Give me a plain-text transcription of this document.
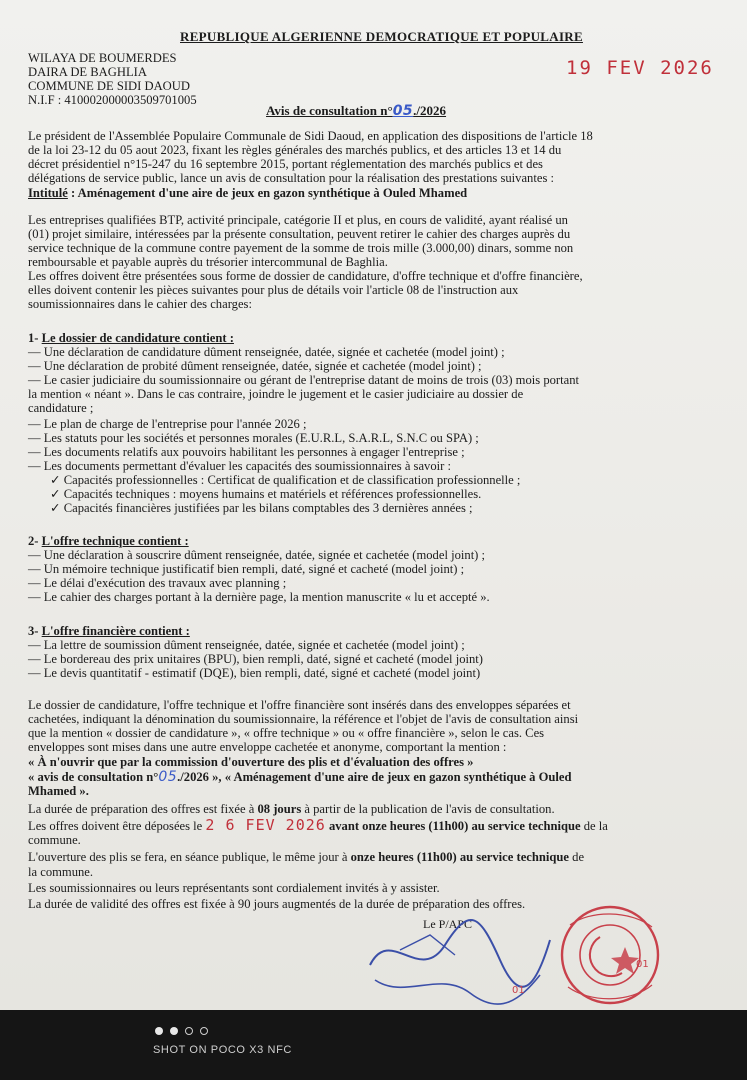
REPUBLIQUE ALGERIENNE DEMOCRATIQUE ET POPULAIRE
WILAYA DE BOUMERDES
DAIRA DE BAGHLIA
COMMUNE DE SIDI DAOUD
N.I.F : 410002000003509701005
19 FEV 2026
Avis de consultation n°05./2026
Le président de l'Assemblée Populaire Communale de Sidi Daoud, en application des dispositions de l'article 18
de la loi 23-12 du 05 aout 2023, fixant les règles générales des marchés publics, et des articles 13 et 14 du
décret présidentiel n°15-247 du 16 septembre 2015, portant réglementation des marchés publics et des
délégations de service public, lance un avis de consultation pour la réalisation des prestations suivantes :
Intitulé : Aménagement d'une aire de jeux en gazon synthétique à Ouled Mhamed
Les entreprises qualifiées BTP, activité principale, catégorie II et plus, en cours de validité, ayant réalisé un
(01) projet similaire, intéressées par la présente consultation, peuvent retirer le cahier des charges auprès du
service technique de la commune contre payement de la somme de trois mille (3.000,00) dinars, somme non
remboursable et payable auprès du trésorier intercommunal de Baghlia.
Les offres doivent être présentées sous forme de dossier de candidature, d'offre technique et d'offre financière,
elles doivent contenir les pièces suivantes pour plus de détails voir l'article 08 de l'instruction aux
soumissionnaires dans le cahier des charges:
1- Le dossier de candidature contient :
— Une déclaration de candidature dûment renseignée, datée, signée et cachetée (model joint) ;
— Une déclaration de probité dûment renseignée, datée, signée et cachetée (model joint) ;
— Le casier judiciaire du soumissionnaire ou gérant de l'entreprise datant de moins de trois (03) mois portant
la mention « néant ». Dans le cas contraire, joindre le jugement et le casier judiciaire au dossier de
candidature ;
— Le plan de charge de l'entreprise pour l'année 2026 ;
— Les statuts pour les sociétés et personnes morales (E.U.R.L, S.A.R.L, S.N.C ou SPA) ;
— Les documents relatifs aux pouvoirs habilitant les personnes à engager l'entreprise ;
— Les documents permettant d'évaluer les capacités des soumissionnaires à savoir :
✓ Capacités professionnelles : Certificat de qualification et de classification professionnelle ;
✓ Capacités techniques : moyens humains et matériels et références professionnelles.
✓ Capacités financières justifiées par les bilans comptables des 3 dernières années ;
2- L'offre technique contient :
— Une déclaration à souscrire dûment renseignée, datée, signée et cachetée (model joint) ;
— Un mémoire technique justificatif bien rempli, daté, signé et cacheté (model joint) ;
— Le délai d'exécution des travaux avec planning ;
— Le cahier des charges portant à la dernière page, la mention manuscrite « lu et accepté ».
3- L'offre financière contient :
— La lettre de soumission dûment renseignée, datée, signée et cachetée (model joint) ;
— Le bordereau des prix unitaires (BPU), bien rempli, daté, signé et cacheté (model joint)
— Le devis quantitatif - estimatif (DQE), bien rempli, daté, signé et cacheté (model joint)
Le dossier de candidature, l'offre technique et l'offre financière sont insérés dans des enveloppes séparées et
cachetées, indiquant la dénomination du soumissionnaire, la référence et l'objet de l'avis de consultation ainsi
que la mention « dossier de candidature », « offre technique » ou « offre financière », selon le cas. Ces
enveloppes sont mises dans une autre enveloppe cachetée et anonyme, comportant la mention :
« À n'ouvrir que par la commission d'ouverture des plis et d'évaluation des offres »
« avis de consultation n°05./2026 », « Aménagement d'une aire de jeux en gazon synthétique à Ouled
Mhamed ».
La durée de préparation des offres est fixée à 08 jours à partir de la publication de l'avis de consultation.
Les offres doivent être déposées le 2 6 FEV 2026 avant onze heures (11h00) au service technique de la
commune.
L'ouverture des plis se fera, en séance publique, le même jour à onze heures (11h00) au service technique de
la commune.
Les soumissionnaires ou leurs représentants sont cordialement invités à y assister.
La durée de validité des offres est fixée à 90 jours augmentés de la durée de préparation des offres.
Le P/APC
01
01
SHOT ON POCO X3 NFC
